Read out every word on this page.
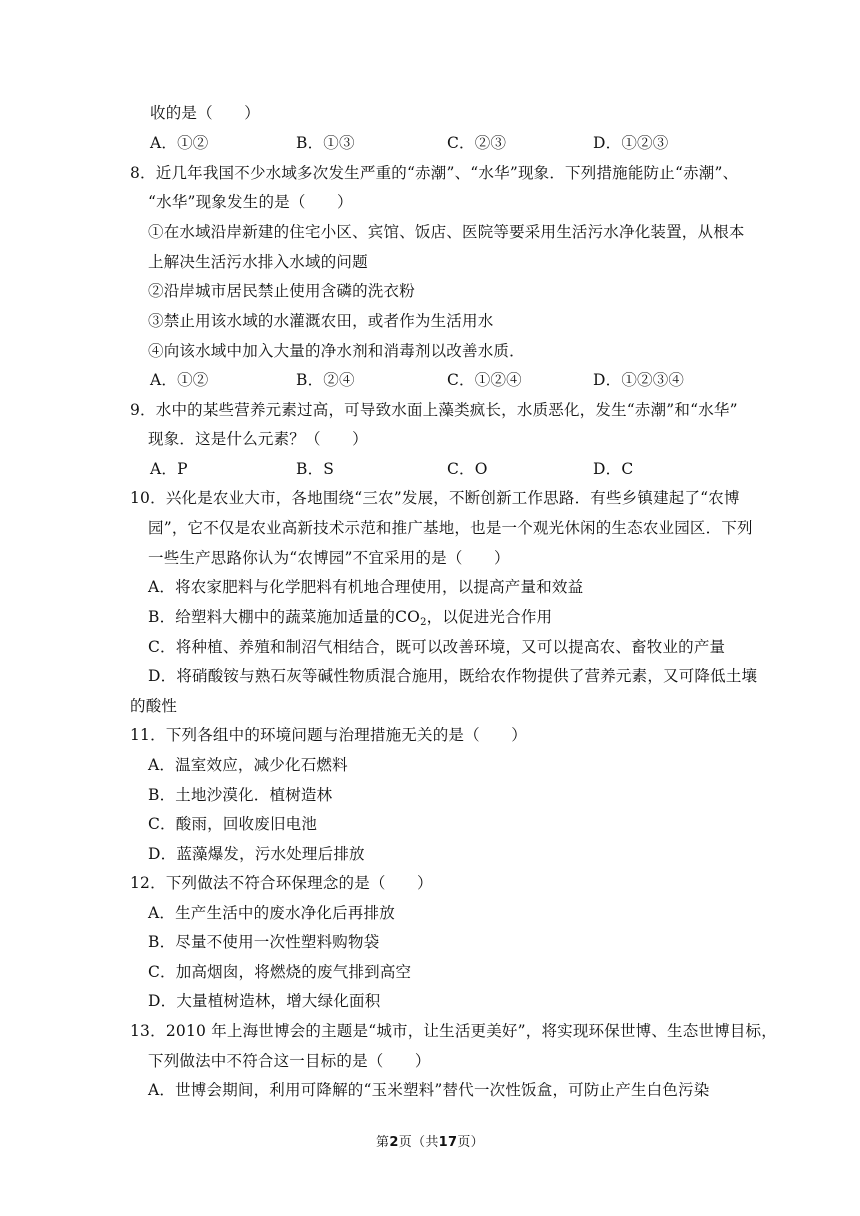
收的是（　　）
A．①②	B．①③	C．②③	D．①②③
8．近几年我国不少水域多次发生严重的“赤潮”、“水华”现象．下列措施能防止“赤潮”、
“水华”现象发生的是（　　）
①在水域沿岸新建的住宅小区、宾馆、饭店、医院等要采用生活污水净化装置，从根本
上解决生活污水排入水域的问题
②沿岸城市居民禁止使用含磷的洗衣粉
③禁止用该水域的水灌溉农田，或者作为生活用水
④向该水域中加入大量的净水剂和消毒剂以改善水质．
A．①②	B．②④	C．①②④	D．①②③④
9．水中的某些营养元素过高，可导致水面上藻类疯长，水质恶化，发生“赤潮”和“水华”
现象．这是什么元素？（　　）
A．P	B．S	C．O	D．C
10．兴化是农业大市，各地围绕“三农”发展，不断创新工作思路．有些乡镇建起了“农博
园”，它不仅是农业高新技术示范和推广基地，也是一个观光休闲的生态农业园区．下列
一些生产思路你认为“农博园”不宜采用的是（　　）
A．将农家肥料与化学肥料有机地合理使用，以提高产量和效益
B．给塑料大棚中的蔬菜施加适量的$CO_2$，以促进光合作用
C．将种植、养殖和制沼气相结合，既可以改善环境，又可以提高农、畜牧业的产量
D．将硝酸铵与熟石灰等碱性物质混合施用，既给农作物提供了营养元素，又可降低土壤
的酸性
11．下列各组中的环境问题与治理措施无关的是（　　）
A．温室效应，减少化石燃料
B．土地沙漠化．植树造林
C．酸雨，回收废旧电池
D．蓝藻爆发，污水处理后排放
12．下列做法不符合环保理念的是（　　）
A．生产生活中的废水净化后再排放
B．尽量不使用一次性塑料购物袋
C．加高烟囱，将燃烧的废气排到高空
D．大量植树造林，增大绿化面积
13．2010 年上海世博会的主题是“城市，让生活更美好”，将实现环保世博、生态世博目标，
下列做法中不符合这一目标的是（　　）
A．世博会期间，利用可降解的“玉米塑料”替代一次性饭盒，可防止产生白色污染
第2页（共17页）
